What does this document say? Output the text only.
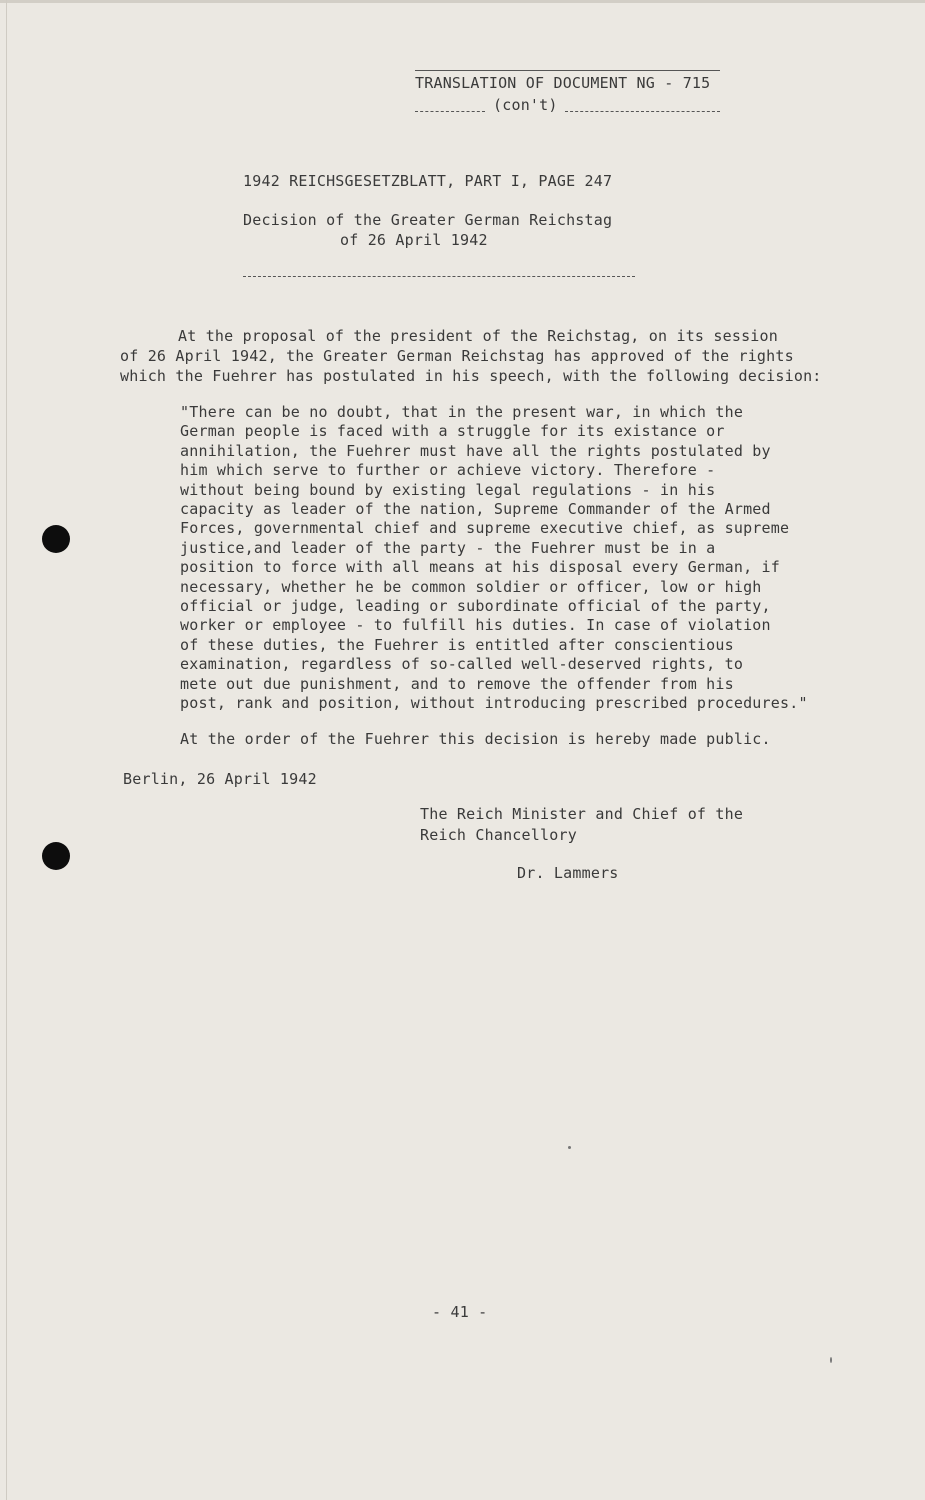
TRANSLATION OF DOCUMENT NG - 715
(con't)
1942 REICHSGESETZBLATT, PART I, PAGE 247
Decision of the Greater German Reichstag
of 26 April 1942
At the proposal of the president of the Reichstag, on its session
of 26 April 1942, the Greater German Reichstag has approved of the rights
which the Fuehrer has postulated in his speech, with the following decision:
"There can be no doubt, that in the present war, in which the
German people is faced with a struggle for its existance or
annihilation, the Fuehrer must have all the rights postulated by
him which serve to further or achieve victory. Therefore -
without being bound by existing legal regulations - in his
capacity as leader of the nation, Supreme Commander of the Armed
Forces, governmental chief and supreme executive chief, as supreme
justice,and leader of the party - the Fuehrer must be in a
position to force with all means at his disposal every German, if
necessary, whether he be common soldier or officer, low or high
official or judge, leading or subordinate official of the party,
worker or employee - to fulfill his duties. In case of violation
of these duties, the Fuehrer is entitled after conscientious
examination, regardless of so-called well-deserved rights, to
mete out due punishment, and to remove the offender from his
post, rank and position, without introducing prescribed procedures."
At the order of the Fuehrer this decision is hereby made public.
Berlin, 26 April 1942
The Reich Minister and Chief of the
Reich Chancellory
Dr. Lammers
- 41 -
